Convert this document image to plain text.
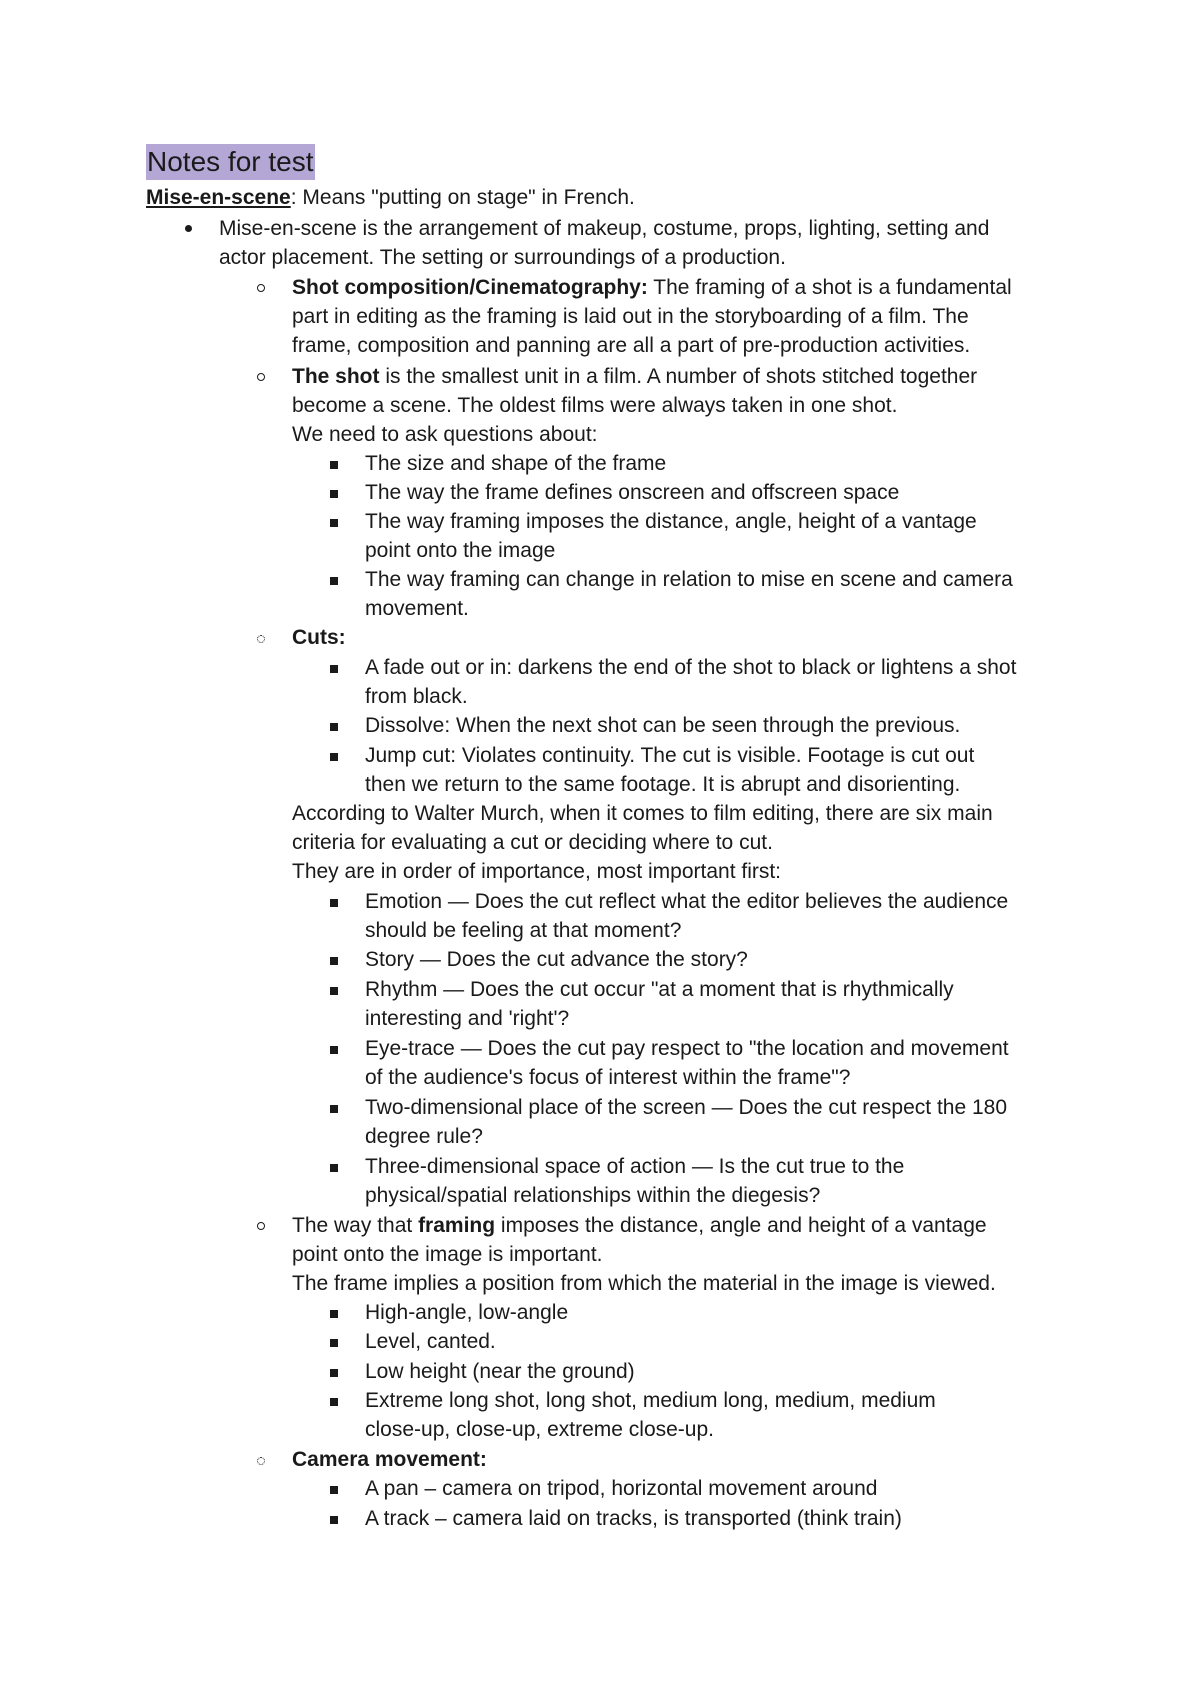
Notes for test
Mise-en-scene: Means "putting on stage" in French.
Mise-en-scene is the arrangement of makeup, costume, props, lighting, setting and
actor placement. The setting or surroundings of a production.
Shot composition/Cinematography: The framing of a shot is a fundamental
part in editing as the framing is laid out in the storyboarding of a film. The
frame, composition and panning are all a part of pre-production activities.
The shot is the smallest unit in a film. A number of shots stitched together
become a scene. The oldest films were always taken in one shot.
We need to ask questions about:
The size and shape of the frame
The way the frame defines onscreen and offscreen space
The way framing imposes the distance, angle, height of a vantage
point onto the image
The way framing can change in relation to mise en scene and camera
movement.
Cuts:
A fade out or in: darkens the end of the shot to black or lightens a shot
from black.
Dissolve: When the next shot can be seen through the previous.
Jump cut: Violates continuity. The cut is visible. Footage is cut out
then we return to the same footage. It is abrupt and disorienting.
According to Walter Murch, when it comes to film editing, there are six main
criteria for evaluating a cut or deciding where to cut.
They are in order of importance, most important first:
Emotion — Does the cut reflect what the editor believes the audience
should be feeling at that moment?
Story — Does the cut advance the story?
Rhythm — Does the cut occur "at a moment that is rhythmically
interesting and 'right'?
Eye-trace — Does the cut pay respect to "the location and movement
of the audience's focus of interest within the frame"?
Two-dimensional place of the screen — Does the cut respect the 180
degree rule?
Three-dimensional space of action — Is the cut true to the
physical/spatial relationships within the diegesis?
The way that framing imposes the distance, angle and height of a vantage
point onto the image is important.
The frame implies a position from which the material in the image is viewed.
High-angle, low-angle
Level, canted.
Low height (near the ground)
Extreme long shot, long shot, medium long, medium, medium
close-up, close-up, extreme close-up.
Camera movement:
A pan – camera on tripod, horizontal movement around
A track – camera laid on tracks, is transported (think train)
